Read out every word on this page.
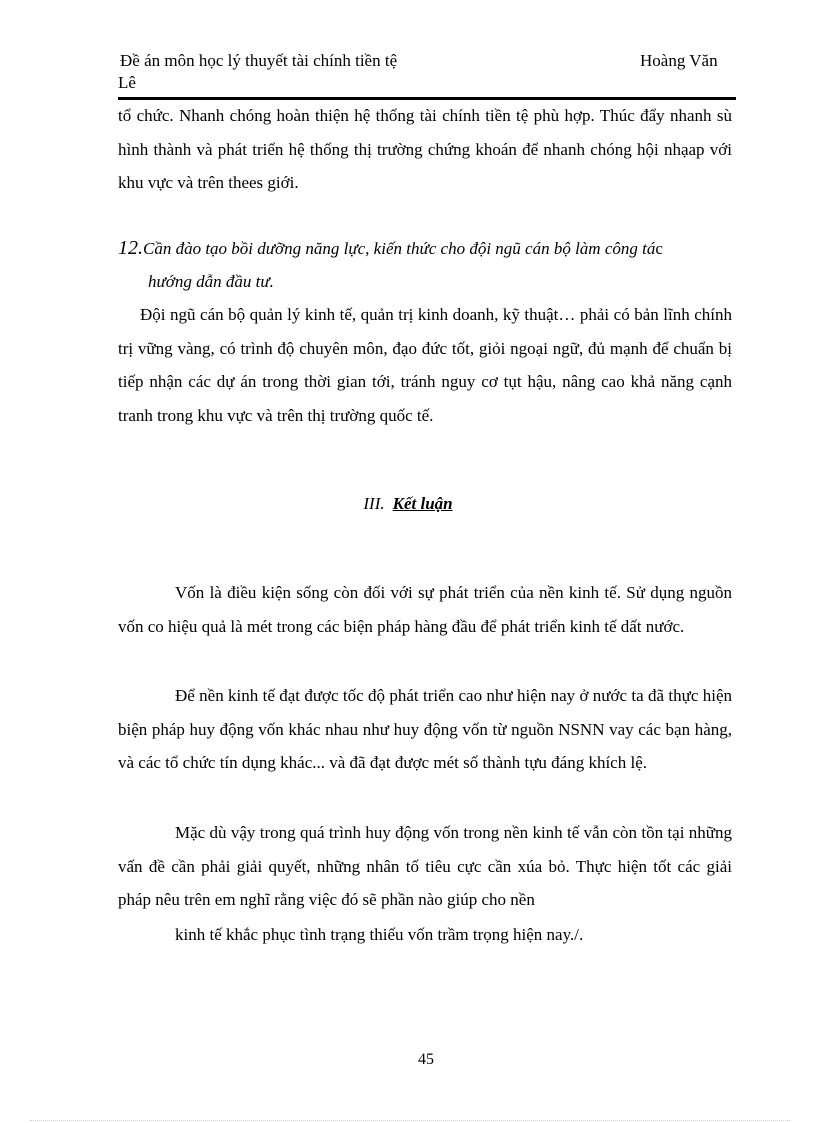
Đề án môn học lý thuyết tài chính tiền tệ	Hoàng Văn
Lê

tổ chức. Nhanh chóng hoàn thiện hệ thống tài chính tiền tệ phù hợp. Thúc đẩy nhanh sù hình thành và phát triển hệ thống thị trường chứng khoán để nhanh chóng hội nhạap với khu vực và trên thees giới.

12.Cần đào tạo bồi dưỡng năng lực, kiến thức cho đội ngũ cán bộ làm công tác
hướng dẫn đầu tư.

Đội ngũ cán bộ quản lý kinh tế, quản trị kinh doanh, kỹ thuật… phải có bản lĩnh chính trị vững vàng, có trình độ chuyên môn, đạo đức tốt, giỏi ngoại ngữ, đủ mạnh để chuẩn bị tiếp nhận các dự án trong thời gian tới, tránh nguy cơ tụt hậu, nâng cao khả năng cạnh tranh trong khu vực và trên thị trường quốc tế.

III. Kết luận

Vốn là điều kiện sống còn đối với sự phát triển của nền kinh tế. Sử dụng nguồn vốn co hiệu quả là mét trong các biện pháp hàng đầu để phát triển kinh tế dất nước.

Để nền kinh tế đạt được tốc độ phát triển cao như hiện nay ở nước ta đã thực hiện biện pháp huy động vốn khác nhau như huy động vốn từ nguồn NSNN vay các bạn hàng, và các tổ chức tín dụng khác... và đã đạt được mét số thành tựu đáng khích lệ.

Mặc dù vậy trong quá trình huy động vốn trong nền kinh tế vẫn còn tồn tại những vấn đề cần phải giải quyết, những nhân tố tiêu cực cần xúa bỏ. Thực hiện tốt các giải pháp nêu trên em nghĩ rằng việc đó sẽ phần nào giúp cho nền

kinh tế khắc phục tình trạng thiếu vốn trầm trọng hiện nay./.

45
